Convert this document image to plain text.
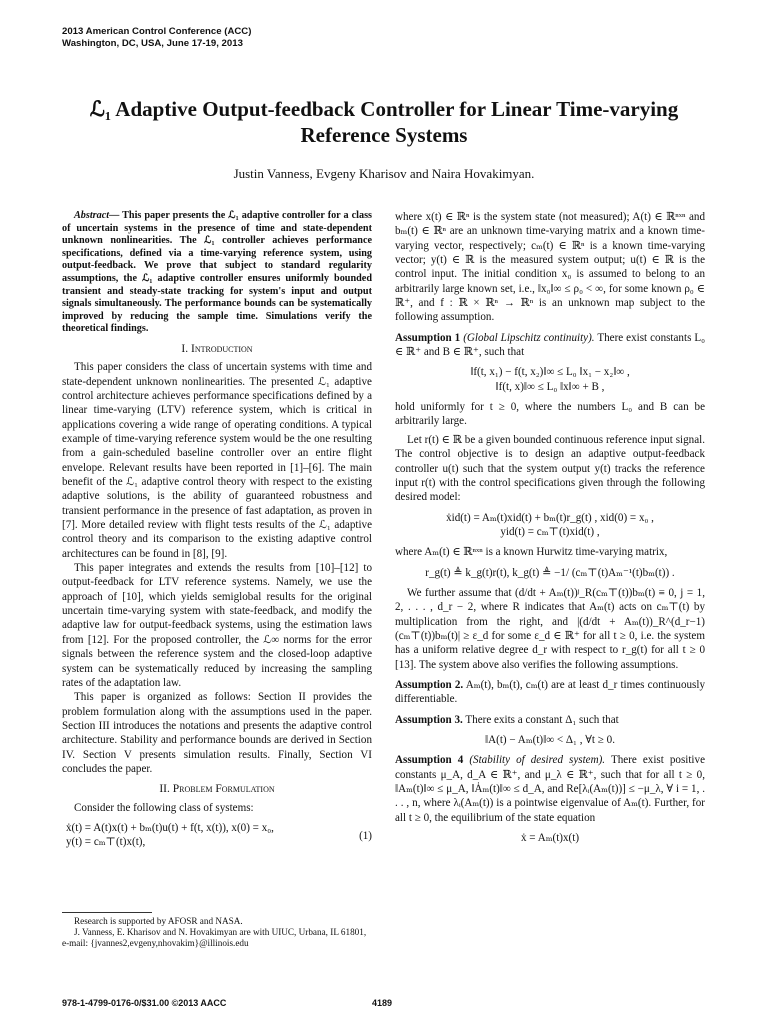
2013 American Control Conference (ACC)
Washington, DC, USA, June 17-19, 2013
ℒ₁ Adaptive Output-feedback Controller for Linear Time-varying Reference Systems
Justin Vanness, Evgeny Kharisov and Naira Hovakimyan.

Abstract— This paper presents the ℒ₁ adaptive controller for a class of uncertain systems in the presence of time and state-dependent unknown nonlinearities. The ℒ₁ controller achieves performance specifications, defined via a time-varying reference system, using output-feedback. We prove that subject to standard regularity assumptions, the ℒ₁ adaptive controller ensures uniformly bounded transient and steady-state tracking for system's input and output signals simultaneously. The performance bounds can be systematically improved by reducing the sample time. Simulations verify the theoretical findings.

I. Introduction

This paper considers the class of uncertain systems with time and state-dependent unknown nonlinearities. The presented ℒ₁ adaptive control architecture achieves performance specifications defined by a linear time-varying (LTV) reference system, which is critical in applications covering a wide range of operating conditions. A typical example of time-varying reference system would be the one resulting from a gain-scheduled baseline controller over an entire flight envelope. Relevant results have been reported in [1]–[6]. The main benefit of the ℒ₁ adaptive control theory with respect to the existing adaptive solutions, is the ability of guaranteed robustness and transient performance in the presence of fast adaptation, as proven in [7]. More detailed review with flight tests results of the ℒ₁ adaptive control theory and its comparison to the existing adaptive control architectures can be found in [8], [9].

This paper integrates and extends the results from [10]–[12] to output-feedback for LTV reference systems. Namely, we use the approach of [10], which yields semiglobal results for the original uncertain time-varying system with state-feedback, and modify the adaptive law for output-feedback systems, using the estimation laws from [12]. For the proposed controller, the ℒ∞ norms for the error signals between the reference system and the closed-loop adaptive system can be systematically reduced by increasing the sampling rates of the adaptation law.

This paper is organized as follows: Section II provides the problem formulation along with the assumptions used in the paper. Section III introduces the notations and presents the adaptive control architecture. Stability and performance bounds are derived in Section IV. Section V presents simulation results. Finally, Section VI concludes the paper.

II. Problem Formulation

Consider the following class of systems:

(1)
ẋ(t) = A(t)x(t) + bₘ(t)u(t) + f(t, x(t)), x(0) = x₀,
y(t) = cₘ⊤(t)x(t),
Research is supported by AFOSR and NASA.
J. Vanness, E. Kharisov and N. Hovakimyan are with UIUC, Urbana, IL 61801, e-mail: {jvannes2,evgeny,nhovakim}@illinois.edu

where x(t) ∈ ℝⁿ is the system state (not measured); A(t) ∈ ℝⁿˣⁿ and bₘ(t) ∈ ℝⁿ are an unknown time-varying matrix and a known time-varying vector, respectively; cₘ(t) ∈ ℝⁿ is a known time-varying vector; y(t) ∈ ℝ is the measured system output; u(t) ∈ ℝ is the control input. The initial condition x₀ is assumed to belong to an arbitrarily large known set, i.e., ‖x₀‖∞ ≤ ρ₀ < ∞, for some known ρ₀ ∈ ℝ⁺, and f : ℝ × ℝⁿ → ℝⁿ is an unknown map subject to the following assumption.

Assumption 1 (Global Lipschitz continuity). There exist constants L₀ ∈ ℝ⁺ and B ∈ ℝ⁺, such that

‖f(t, x₁) − f(t, x₂)‖∞ ≤ L₀ ‖x₁ − x₂‖∞ ,
‖f(t, x)‖∞ ≤ L₀ ‖x‖∞ + B ,

hold uniformly for t ≥ 0, where the numbers L₀ and B can be arbitrarily large.

Let r(t) ∈ ℝ be a given bounded continuous reference input signal. The control objective is to design an adaptive output-feedback controller u(t) such that the system output y(t) tracks the reference input r(t) with the control specifications given through the following desired model:

ẋid(t) = Aₘ(t)xid(t) + bₘ(t)r_g(t) , xid(0) = x₀ ,
yid(t) = cₘ⊤(t)xid(t) ,

where Aₘ(t) ∈ ℝⁿˣⁿ is a known Hurwitz time-varying matrix,

r_g(t) ≜ k_g(t)r(t), k_g(t) ≜ −1/ (cₘ⊤(t)Aₘ⁻¹(t)bₘ(t)) .

We further assume that (d/dt + Aₘ(t))ʲ_R(cₘ⊤(t))bₘ(t) ≡ 0, j = 1, 2, . . . , d_r − 2, where R indicates that Aₘ(t) acts on cₘ⊤(t) by multiplication from the right, and |(d/dt + Aₘ(t))_R^(d_r−1)(cₘ⊤(t))bₘ(t)| ≥ ε_d for some ε_d ∈ ℝ⁺ for all t ≥ 0, i.e. the system has a uniform relative degree d_r with respect to r_g(t) for all t ≥ 0 [13]. The system above also verifies the following assumptions.

Assumption 2. Aₘ(t), bₘ(t), cₘ(t) are at least d_r times continuously differentiable.

Assumption 3. There exits a constant Δ₁ such that

‖A(t) − Aₘ(t)‖∞ < Δ₁ , ∀t ≥ 0.

Assumption 4 (Stability of desired system). There exist positive constants μ_A, d_A ∈ ℝ⁺, and μ_λ ∈ ℝ⁺, such that for all t ≥ 0, ‖Aₘ(t)‖∞ ≤ μ_A, ‖Ȧₘ(t)‖∞ ≤ d_A, and Re[λᵢ(Aₘ(t))] ≤ −μ_λ, ∀ i = 1, . . . , n, where λᵢ(Aₘ(t)) is a pointwise eigenvalue of Aₘ(t). Further, for all t ≥ 0, the equilibrium of the state equation

ẋ = Aₘ(t)x(t)
978-1-4799-0176-0/$31.00 ©2013 AACC	4189
